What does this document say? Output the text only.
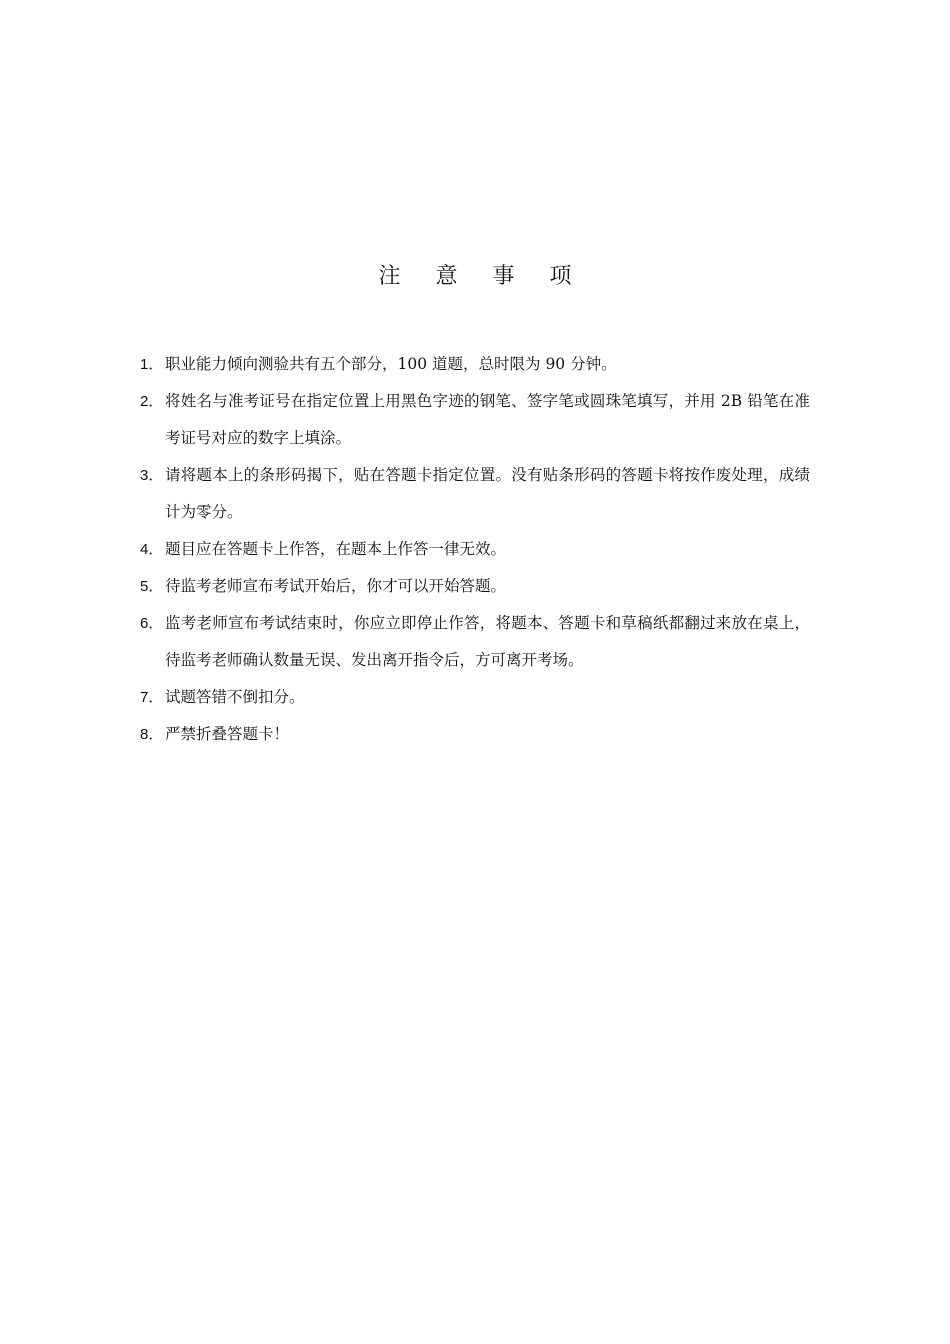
注 意 事 项
1． 职业能力倾向测验共有五个部分，100 道题，总时限为 90 分钟。
2． 将姓名与准考证号在指定位置上用黑色字迹的钢笔、签字笔或圆珠笔填写，并用 2B 铅笔在准考证号对应的数字上填涂。
3． 请将题本上的条形码揭下，贴在答题卡指定位置。没有贴条形码的答题卡将按作废处理，成绩计为零分。
4． 题目应在答题卡上作答，在题本上作答一律无效。
5． 待监考老师宣布考试开始后，你才可以开始答题。
6． 监考老师宣布考试结束时，你应立即停止作答，将题本、答题卡和草稿纸都翻过来放在桌上，待监考老师确认数量无误、发出离开指令后，方可离开考场。
7． 试题答错不倒扣分。
8． 严禁折叠答题卡！
